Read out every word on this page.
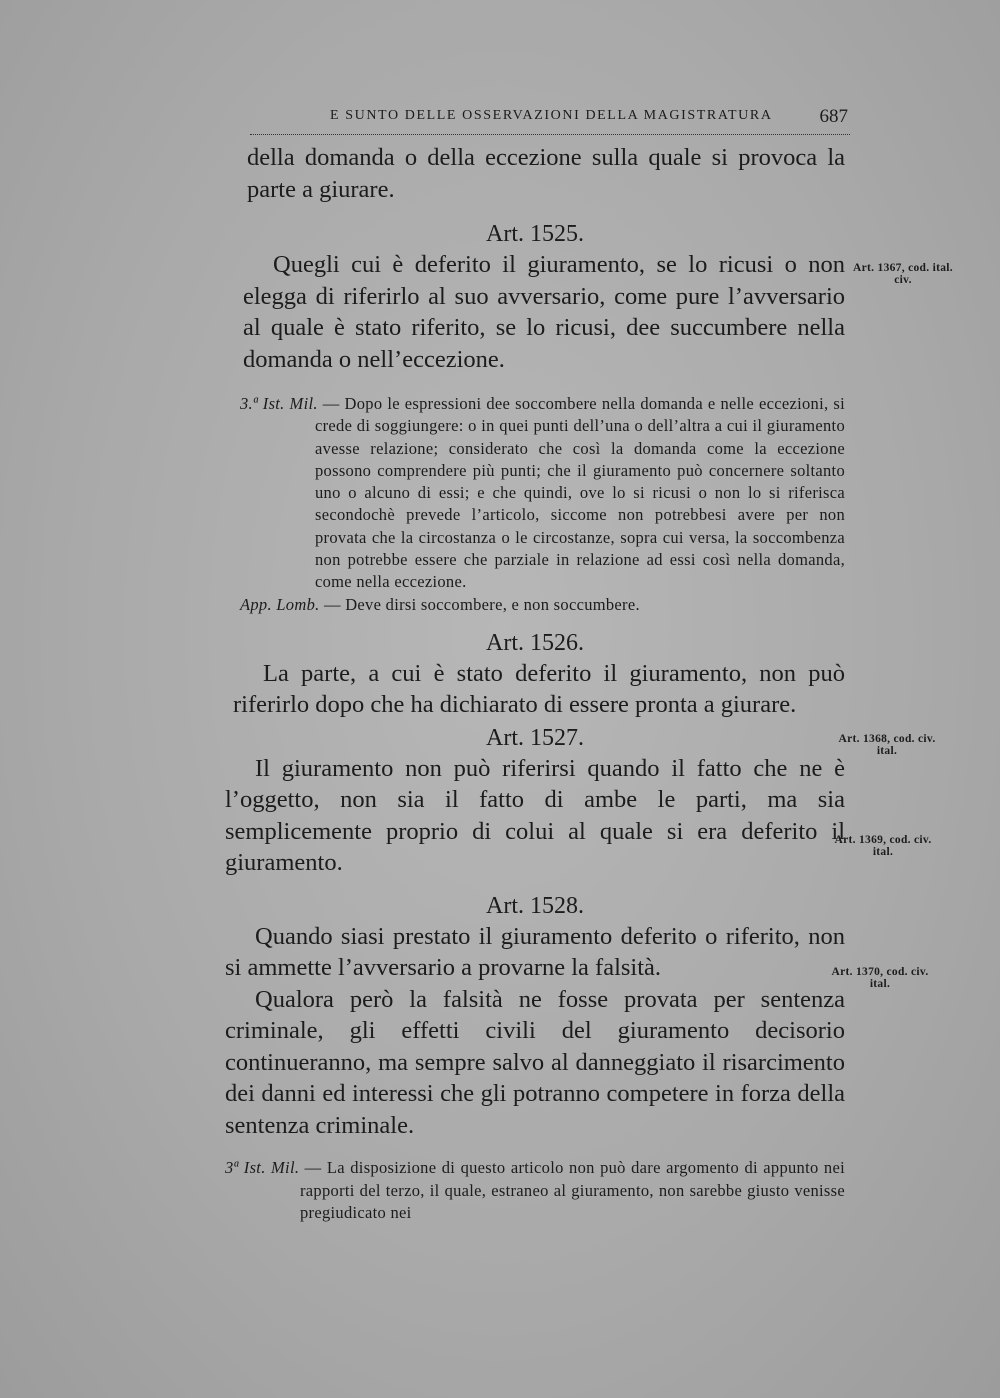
E SUNTO DELLE OSSERVAZIONI DELLA MAGISTRATURA 687

della domanda o della eccezione sulla quale si provoca la parte a giurare.

Art. 1525.

Quegli cui è deferito il giuramento, se lo ricusi o non elegga di riferirlo al suo avversario, come pure l’avversario al quale è stato riferito, se lo ricusi, dee succumbere nella domanda o nell’eccezione.

3.ª Ist. Mil. — Dopo le espressioni dee soccombere nella domanda e nelle eccezioni, si crede di soggiungere: o in quei punti dell’una o dell’altra a cui il giuramento avesse relazione; considerato che così la domanda come la eccezione possono comprendere più punti; che il giuramento può concernere soltanto uno o alcuno di essi; e che quindi, ove lo si ricusi o non lo si riferisca secondochè prevede l’articolo, siccome non potrebbesi avere per non provata che la circostanza o le circostanze, sopra cui versa, la soccombenza non potrebbe essere che parziale in relazione ad essi così nella domanda, come nella eccezione.
App. Lomb. — Deve dirsi soccombere, e non soccumbere.

Art. 1526.

La parte, a cui è stato deferito il giuramento, non può riferirlo dopo che ha dichiarato di essere pronta a giurare.

Art. 1527.

Il giuramento non può riferirsi quando il fatto che ne è l’oggetto, non sia il fatto di ambe le parti, ma sia semplicemente proprio di colui al quale si era deferito il giuramento.

Art. 1528.

Quando siasi prestato il giuramento deferito o riferito, non si ammette l’avversario a provarne la falsità.

Qualora però la falsità ne fosse provata per sentenza criminale, gli effetti civili del giuramento decisorio continueranno, ma sempre salvo al danneggiato il risarcimento dei danni ed interessi che gli potranno competere in forza della sentenza criminale.

3ª Ist. Mil. — La disposizione di questo articolo non può dare argomento di appunto nei rapporti del terzo, il quale, estraneo al giuramento, non sarebbe giusto venisse pregiudicato nei
Art. 1367, cod. ital. civ.
Art. 1368, cod. civ. ital.
Art. 1369, cod. civ. ital.
Art. 1370, cod. civ. ital.
